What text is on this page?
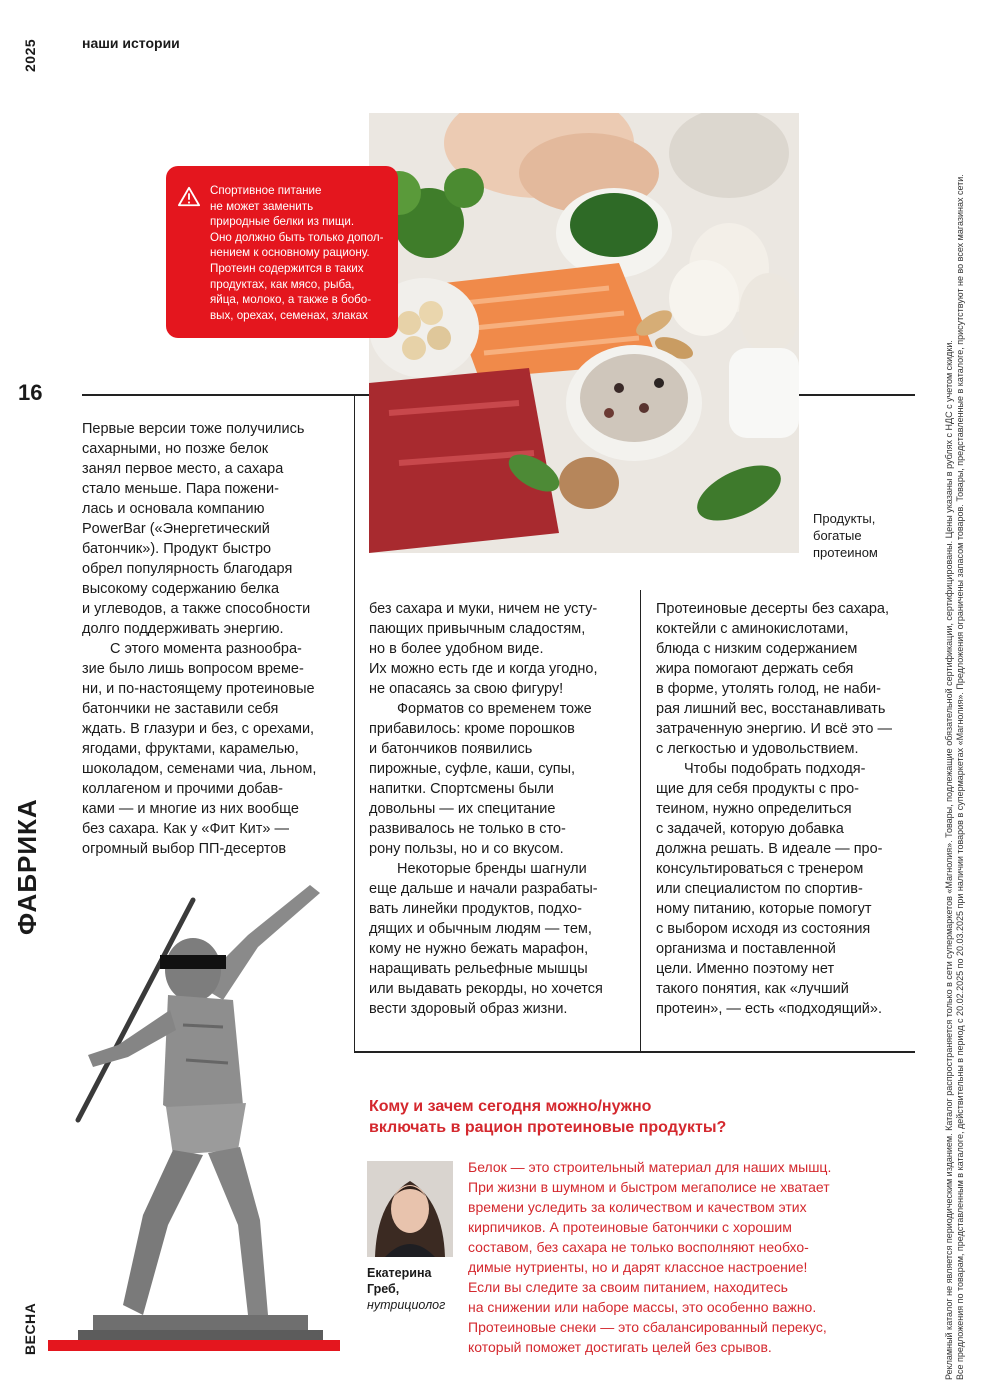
2025
ФАБРИКА
ВЕСНА
наши истории
16
Продукты,
богатые
протеином
Спортивное питание
не может заменить
природные белки из пищи.
Оно должно быть только допол-
нением к основному рациону.
Протеин содержится в таких
продуктах, как мясо, рыба,
яйца, молоко, а также в бобо-
вых, орехах, семенах, злаках

Первые версии тоже получились
сахарными, но позже белок
занял первое место, а сахара
стало меньше. Пара пожени-
лась и основала компанию
PowerBar («Энергетический
батончик»). Продукт быстро
обрел популярность благодаря
высокому содержанию белка
и углеводов, а также способности
долго поддерживать энергию.

С этого момента разнообра-
зие было лишь вопросом време-
ни, и по-настоящему протеиновые
батончики не заставили себя
ждать. В глазури и без, с орехами,
ягодами, фруктами, карамелью,
шоколадом, семенами чиа, льном,
коллагеном и прочими добав-
ками — и многие из них вообще
без сахара. Как у «Фит Кит» —
огромный выбор ПП-десертов

без сахара и муки, ничем не усту-
пающих привычным сладостям,
но в более удобном виде.
Их можно есть где и когда угодно,
не опасаясь за свою фигуру!

Форматов со временем тоже
прибавилось: кроме порошков
и батончиков появились
пирожные, суфле, каши, супы,
напитки. Спортсмены были
довольны — их специтание
развивалось не только в сто-
рону пользы, но и со вкусом.

Некоторые бренды шагнули
еще дальше и начали разрабаты-
вать линейки продуктов, подхо-
дящих и обычным людям — тем,
кому не нужно бежать марафон,
наращивать рельефные мышцы
или выдавать рекорды, но хочется
вести здоровый образ жизни.

Протеиновые десерты без сахара,
коктейли с аминокислотами,
блюда с низким содержанием
жира помогают держать себя
в форме, утолять голод, не наби-
рая лишний вес, восстанавливать
затраченную энергию. И всё это —
с легкостью и удовольствием.

Чтобы подобрать подходя-
щие для себя продукты с про-
теином, нужно определиться
с задачей, которую добавка
должна решать. В идеале — про-
консультироваться с тренером
или специалистом по спортив-
ному питанию, которые помогут
с выбором исходя из состояния
организма и поставленной
цели. Именно поэтому нет
такого понятия, как «лучший
протеин», — есть «подходящий».

Кому и зачем сегодня можно/нужно
включать в рацион протеиновые продукты?
Екатерина
Греб,
нутрициолог
Белок — это строительный материал для наших мышц.
При жизни в шумном и быстром мегаполисе не хватает
времени уследить за количеством и качеством этих
кирпичиков. А протеиновые батончики с хорошим
составом, без сахара не только восполняют необхо-
димые нутриенты, но и дарят классное настроение!
Если вы следите за своим питанием, находитесь
на снижении или наборе массы, это особенно важно.
Протеиновые снеки — это сбалансированный перекус,
который поможет достигать целей без срывов.	Рекламный каталог не является периодическим изданием. Каталог распространяется только в сети супермаркетов «Магнолия». Товары, подлежащие обязательной сертификации, сертифицированы. Цены указаны в рублях с НДС с учетом скидки. Все предложения по товарам, представленным в каталоге, действительны в период с 20.02.2025 по 20.03.2025 при наличии товаров в супермаркетах «Магнолия». Предложения ограничены запасом товаров. Товары, представленные в каталоге, присутствуют не во всех магазинах сети.
